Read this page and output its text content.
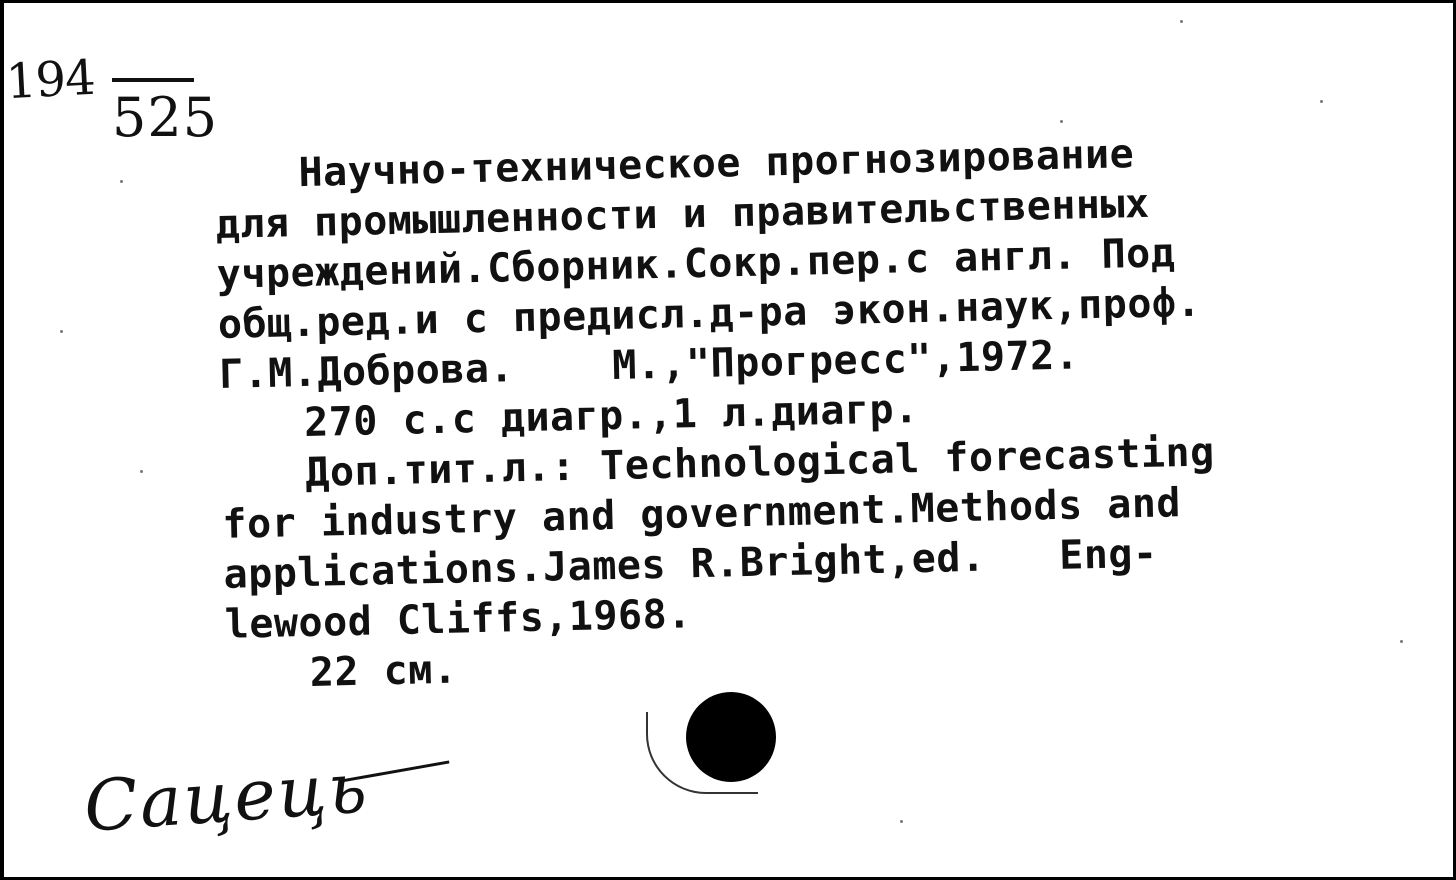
194
525
Научно-техническое прогнозирование
для промышленности и правительственных
учреждений.Сборник.Сокр.пер.с англ. Под
общ.ред.и с предисл.д-ра экон.наук,проф.
Г.М.Доброва.    М.,"Прогресс",1972.
270 с.с диагр.,1 л.диагр.
Доп.тит.л.: Technological forecasting
for industry and government.Methods and
applications.James R.Bright,ed.   Eng-
lewood Cliffs,1968.
22 см.
Сацець
